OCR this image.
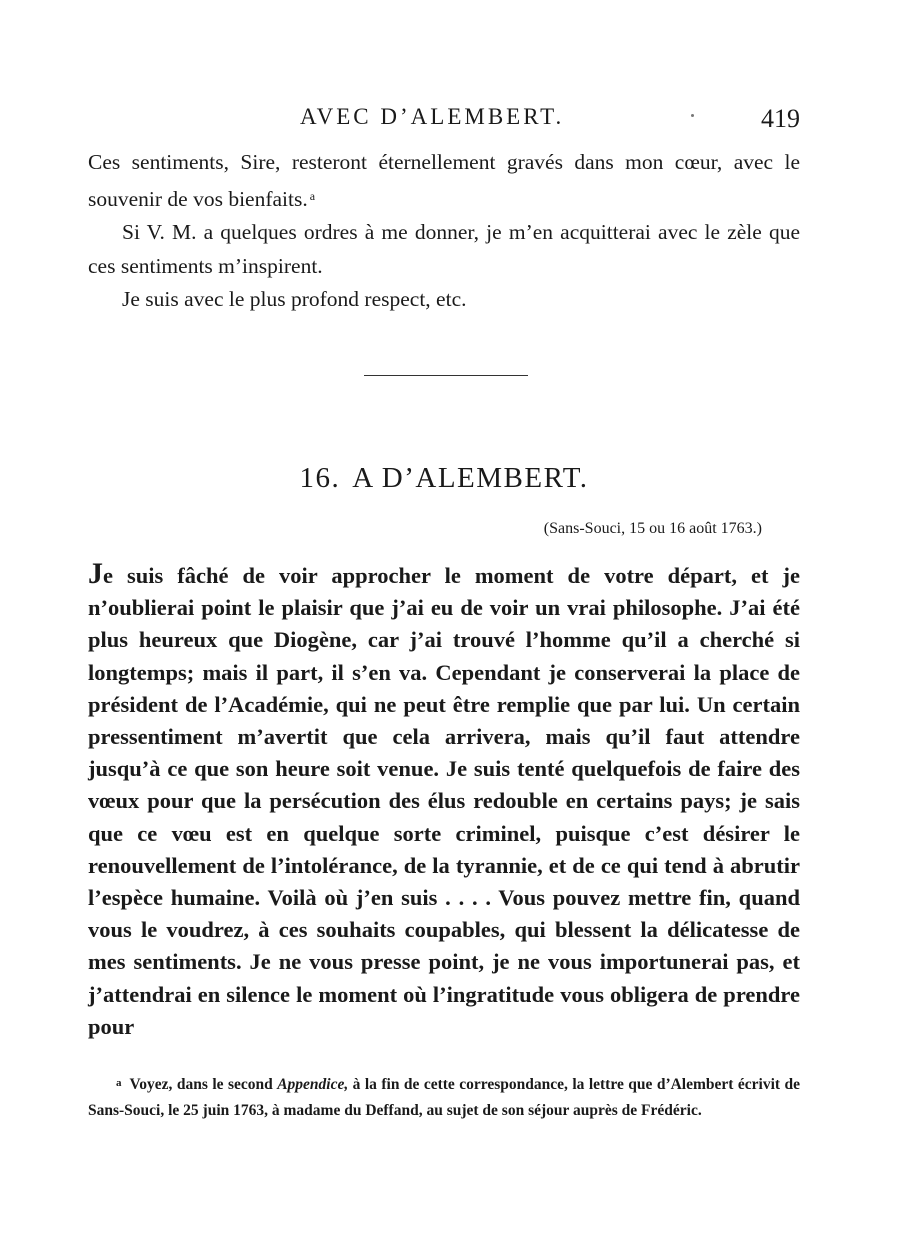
AVEC D’ALEMBERT.	419

Ces sentiments, Sire, resteront éternellement gravés dans mon cœur, avec le souvenir de vos bienfaits. $^a$

Si V. M. a quelques ordres à me donner, je m’en acquitterai avec le zèle que ces sentiments m’inspirent.

Je suis avec le plus profond respect, etc.

16. A D’ALEMBERT.
(Sans-Souci, 15 ou 16 août 1763.)

Je suis fâché de voir approcher le moment de votre départ, et je n’oublierai point le plaisir que j’ai eu de voir un vrai philosophe. J’ai été plus heureux que Diogène, car j’ai trouvé l’homme qu’il a cherché si longtemps; mais il part, il s’en va. Cependant je conserverai la place de président de l’Académie, qui ne peut être remplie que par lui. Un certain pressentiment m’avertit que cela arrivera, mais qu’il faut attendre jusqu’à ce que son heure soit venue. Je suis tenté quelquefois de faire des vœux pour que la persécution des élus redouble en certains pays; je sais que ce vœu est en quelque sorte criminel, puisque c’est désirer le renouvellement de l’intolérance, de la tyrannie, et de ce qui tend à abrutir l’espèce humaine. Voilà où j’en suis . . . . Vous pouvez mettre fin, quand vous le voudrez, à ces souhaits coupables, qui blessent la délicatesse de mes sentiments. Je ne vous presse point, je ne vous importunerai pas, et j’attendrai en silence le moment où l’ingratitude vous obligera de prendre pour

a Voyez, dans le second Appendice, à la fin de cette correspondance, la lettre que d’Alembert écrivit de Sans-Souci, le 25 juin 1763, à madame du Deffand, au sujet de son séjour auprès de Frédéric.
